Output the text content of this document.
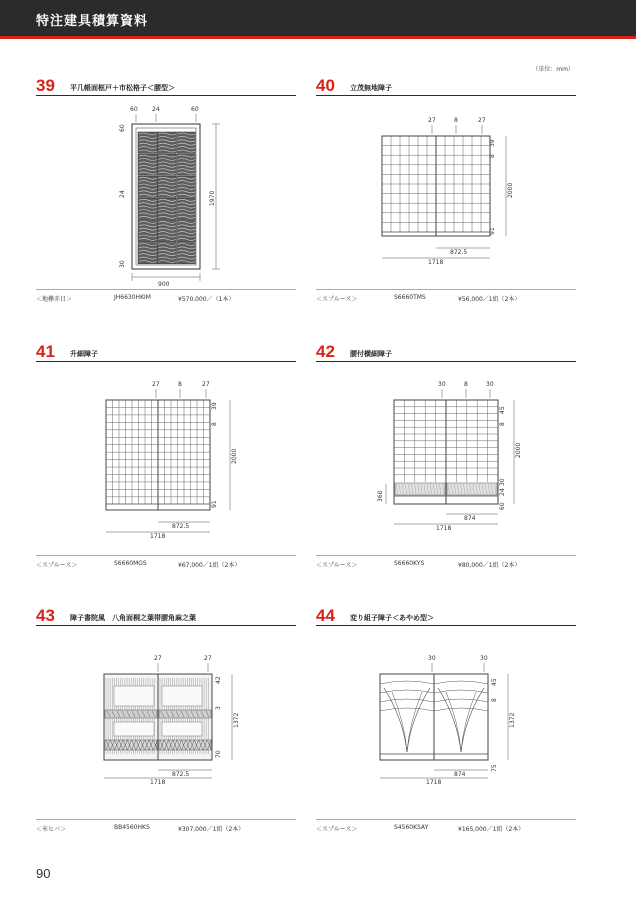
特注建具積算資料
（単位：mm）
39 平几帳面框戸＋市松格子＜腰型＞
60 24	60
1970
60
24
30
900
＜地欅赤目＞	JH6630HKIM	¥570,000／（1本）
40 立茂無地障子
27	8	27
39
8
91
2000
872.5
1718
＜スプルース＞	S6660TMS	¥56,000／1組（2本）
41 升細障子
27	8	27
39
8
91
2000
872.5
1718
＜スプルース＞	S6660MGS	¥67,000／1組（2本）
42 腰付横細障子
30	8	30
45
8
30
24
60
2000
360
874
1718
＜スプルース＞	S6660KYS	¥80,000／1組（2本）
43 障子書院風　八角面桐之葉帯腰角麻之葉
27	27
42
3
70
1372
872.5
1718
＜米ヒバ＞	BB4560HKS	¥307,000／1組（2本）
44 変り組子障子＜あやめ型＞
30	30
45
8
75
1372
874
1718
＜スプルース＞	S4560KSAY	¥165,000／1組（2本）
90
